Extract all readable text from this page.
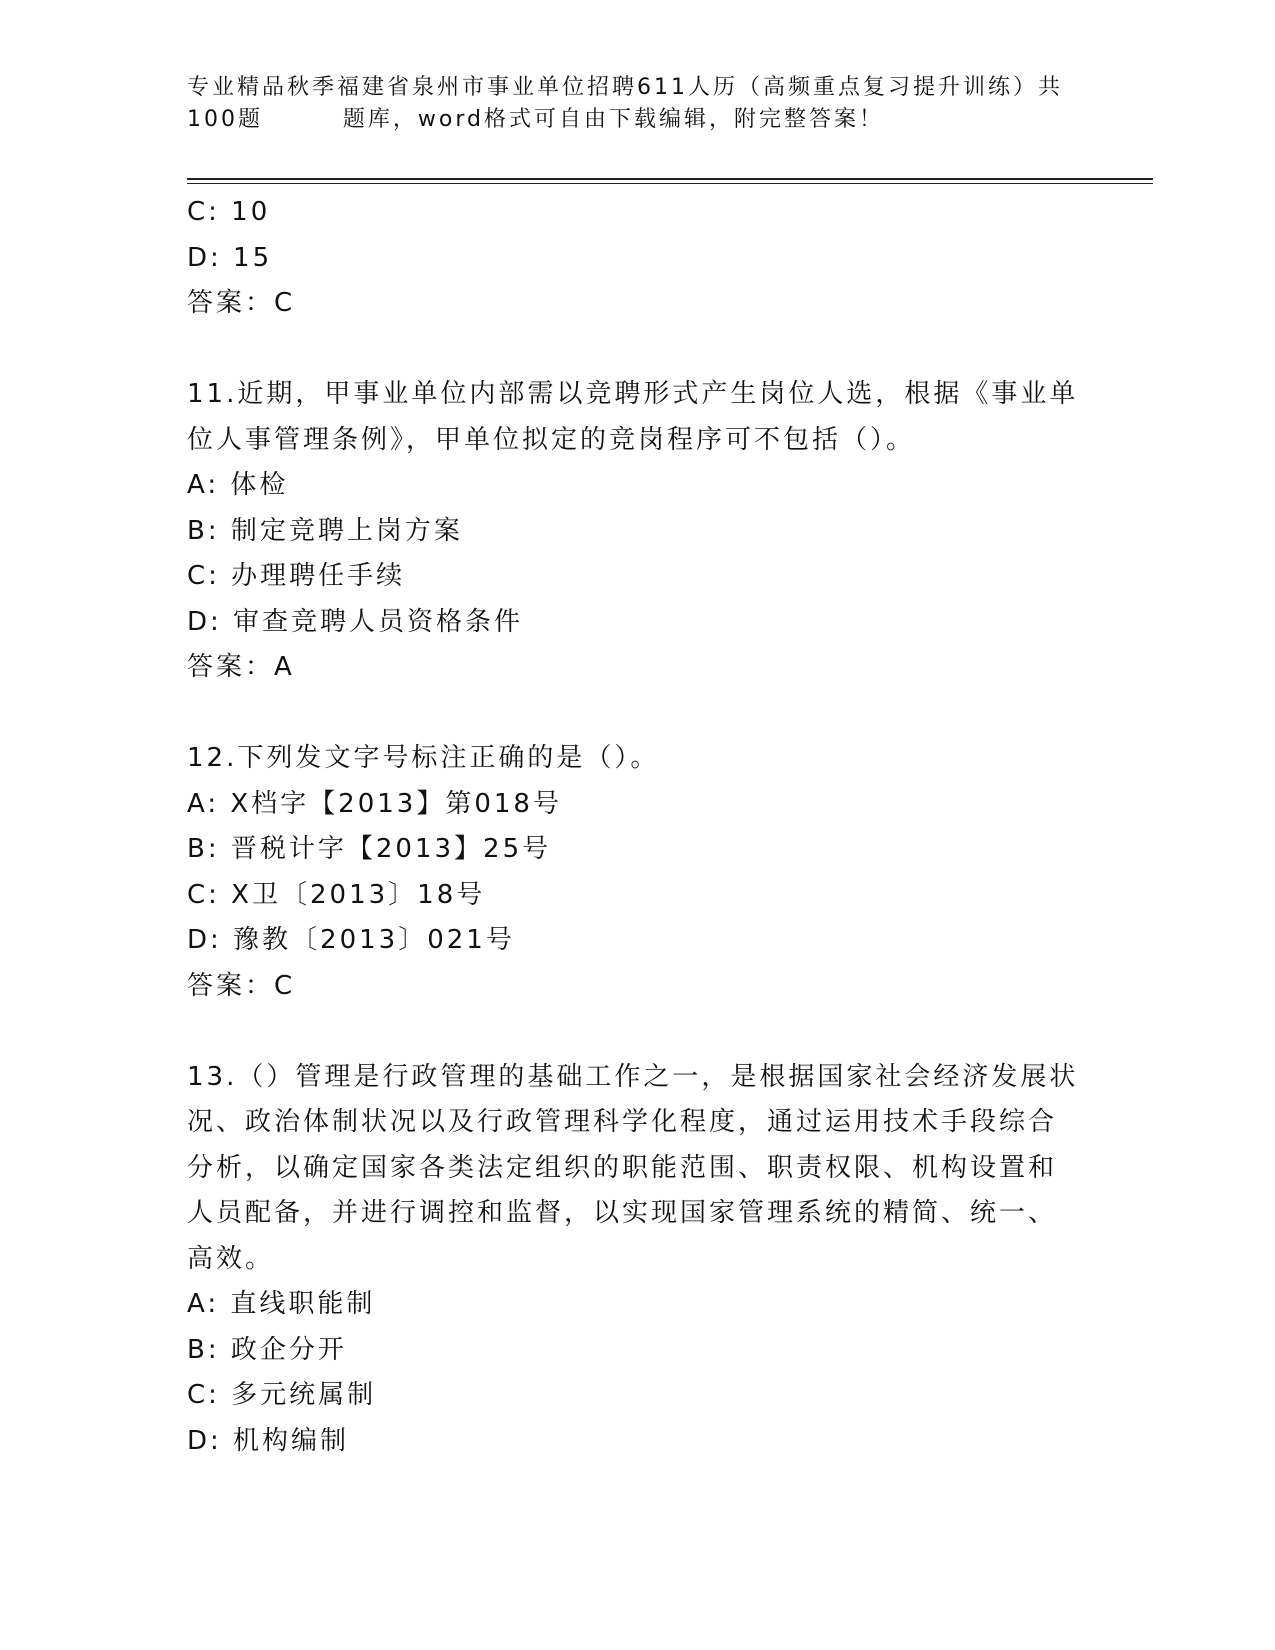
专业精品秋季福建省泉州市事业单位招聘611人历（高频重点复习提升训练）共
100题        题库，word格式可自由下载编辑，附完整答案！
C: 10
D: 15
答案：C
11.近期，甲事业单位内部需以竞聘形式产生岗位人选，根据《事业单
位人事管理条例》，甲单位拟定的竞岗程序可不包括（）。
A: 体检
B: 制定竞聘上岗方案
C: 办理聘任手续
D: 审查竞聘人员资格条件
答案：A
12.下列发文字号标注正确的是（）。
A: X档字【2013】第018号
B: 晋税计字【2013】25号
C: X卫〔2013〕18号
D: 豫教〔2013〕021号
答案：C
13.（）管理是行政管理的基础工作之一，是根据国家社会经济发展状
况、政治体制状况以及行政管理科学化程度，通过运用技术手段综合
分析，以确定国家各类法定组织的职能范围、职责权限、机构设置和
人员配备，并进行调控和监督，以实现国家管理系统的精简、统一、
高效。
A: 直线职能制
B: 政企分开
C: 多元统属制
D: 机构编制
